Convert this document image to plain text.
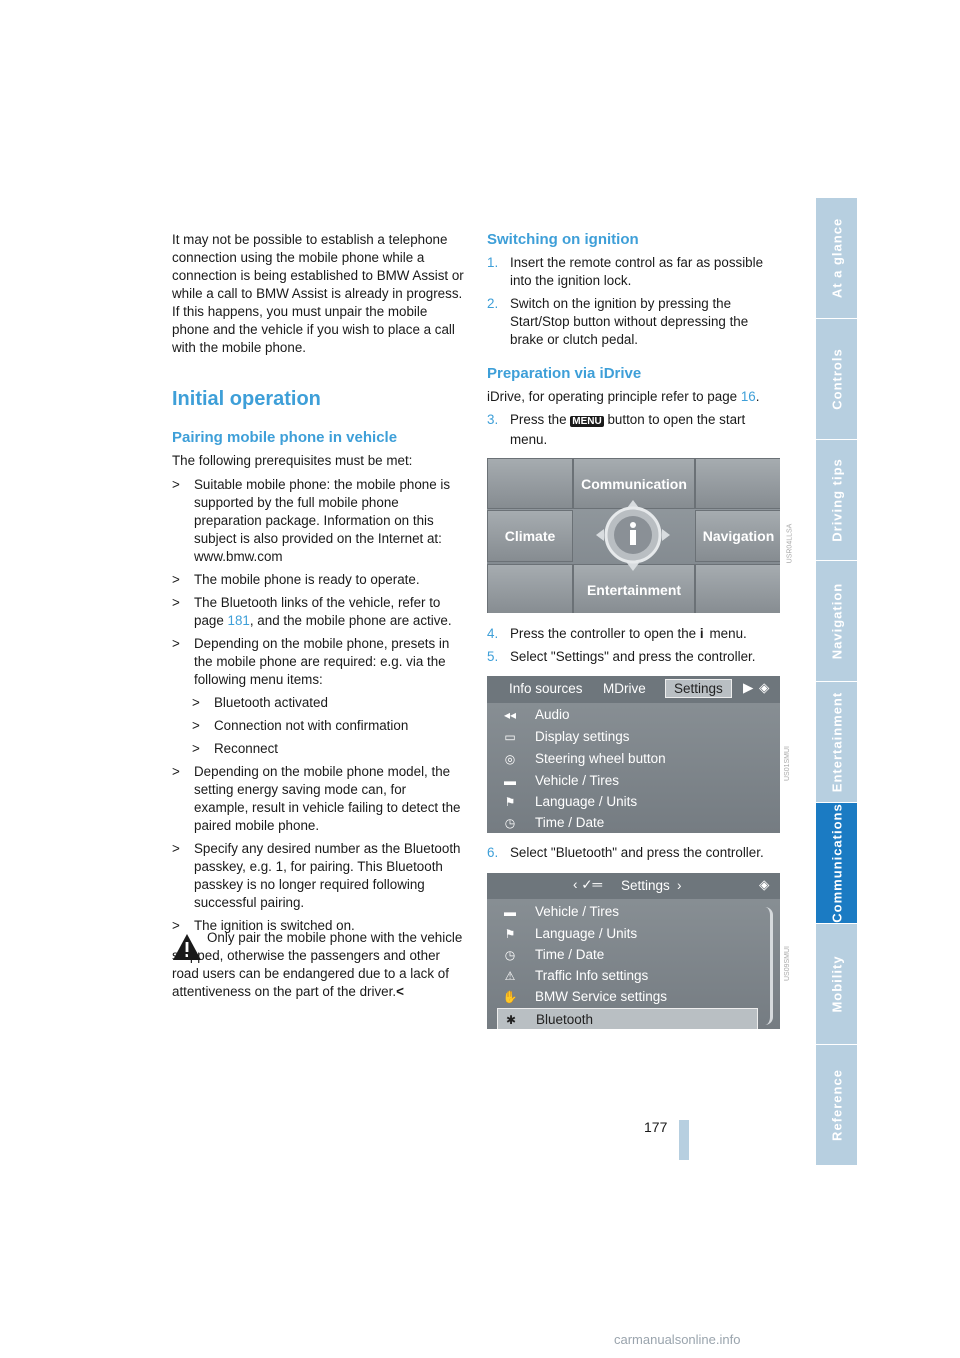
It may not be possible to establish a telephone connection using the mobile phone while a connection is being established to BMW Assist or while a call to BMW Assist is already in progress. If this happens, you must unpair the mobile phone and the vehicle if you wish to place a call with the mobile phone.

Initial operation
Pairing mobile phone in vehicle

The following prerequisites must be met:

> Suitable mobile phone: the mobile phone is supported by the full mobile phone preparation package. Information on this subject is also provided on the Internet at: www.bmw.com
> The mobile phone is ready to operate.
> The Bluetooth links of the vehicle, refer to page 181, and the mobile phone are active.
> Depending on the mobile phone, presets in the mobile phone are required: e.g. via the following menu items:
> Bluetooth activated
> Connection not with confirmation
> Reconnect
> Depending on the mobile phone model, the setting energy saving mode can, for example, result in vehicle failing to detect the paired mobile phone.
> Specify any desired number as the Bluetooth passkey, e.g. 1, for pairing. This Bluetooth passkey is no longer required following successful pairing.
> The ignition is switched on.

Only pair the mobile phone with the vehicle stopped, otherwise the passengers and other road users can be endangered due to a lack of attentiveness on the part of the driver.<

Switching on ignition
1. Insert the remote control as far as possible into the ignition lock.
2. Switch on the ignition by pressing the Start/Stop button without depressing the brake or clutch pedal.
Preparation via iDrive

iDrive, for operating principle refer to page 16.

3. Press the MENU button to open the start menu.
Communication
Climate	Navigation
Entertainment
USR04LLSA
4. Press the controller to open the i menu.
5. Select "Settings" and press the controller.
Info sources MDrive	Settings	▶ ◈
◂◂	Audio
▭	Display settings
◎	Steering wheel button
▬	Vehicle / Tires
⚑	Language / Units
◷	Time / Date
US01SMUI
6. Select "Bluetooth" and press the controller.
‹ ✓═ Settings ›	◈
▬	Vehicle / Tires
⚑	Language / Units
◷	Time / Date
⚠	Traffic Info settings
✋	BMW Service settings
✱	Bluetooth
US09SMUI
At a glance
Controls
Driving tips
Navigation
Entertainment
Communications
Mobility
Reference
177
carmanualsonline.info
